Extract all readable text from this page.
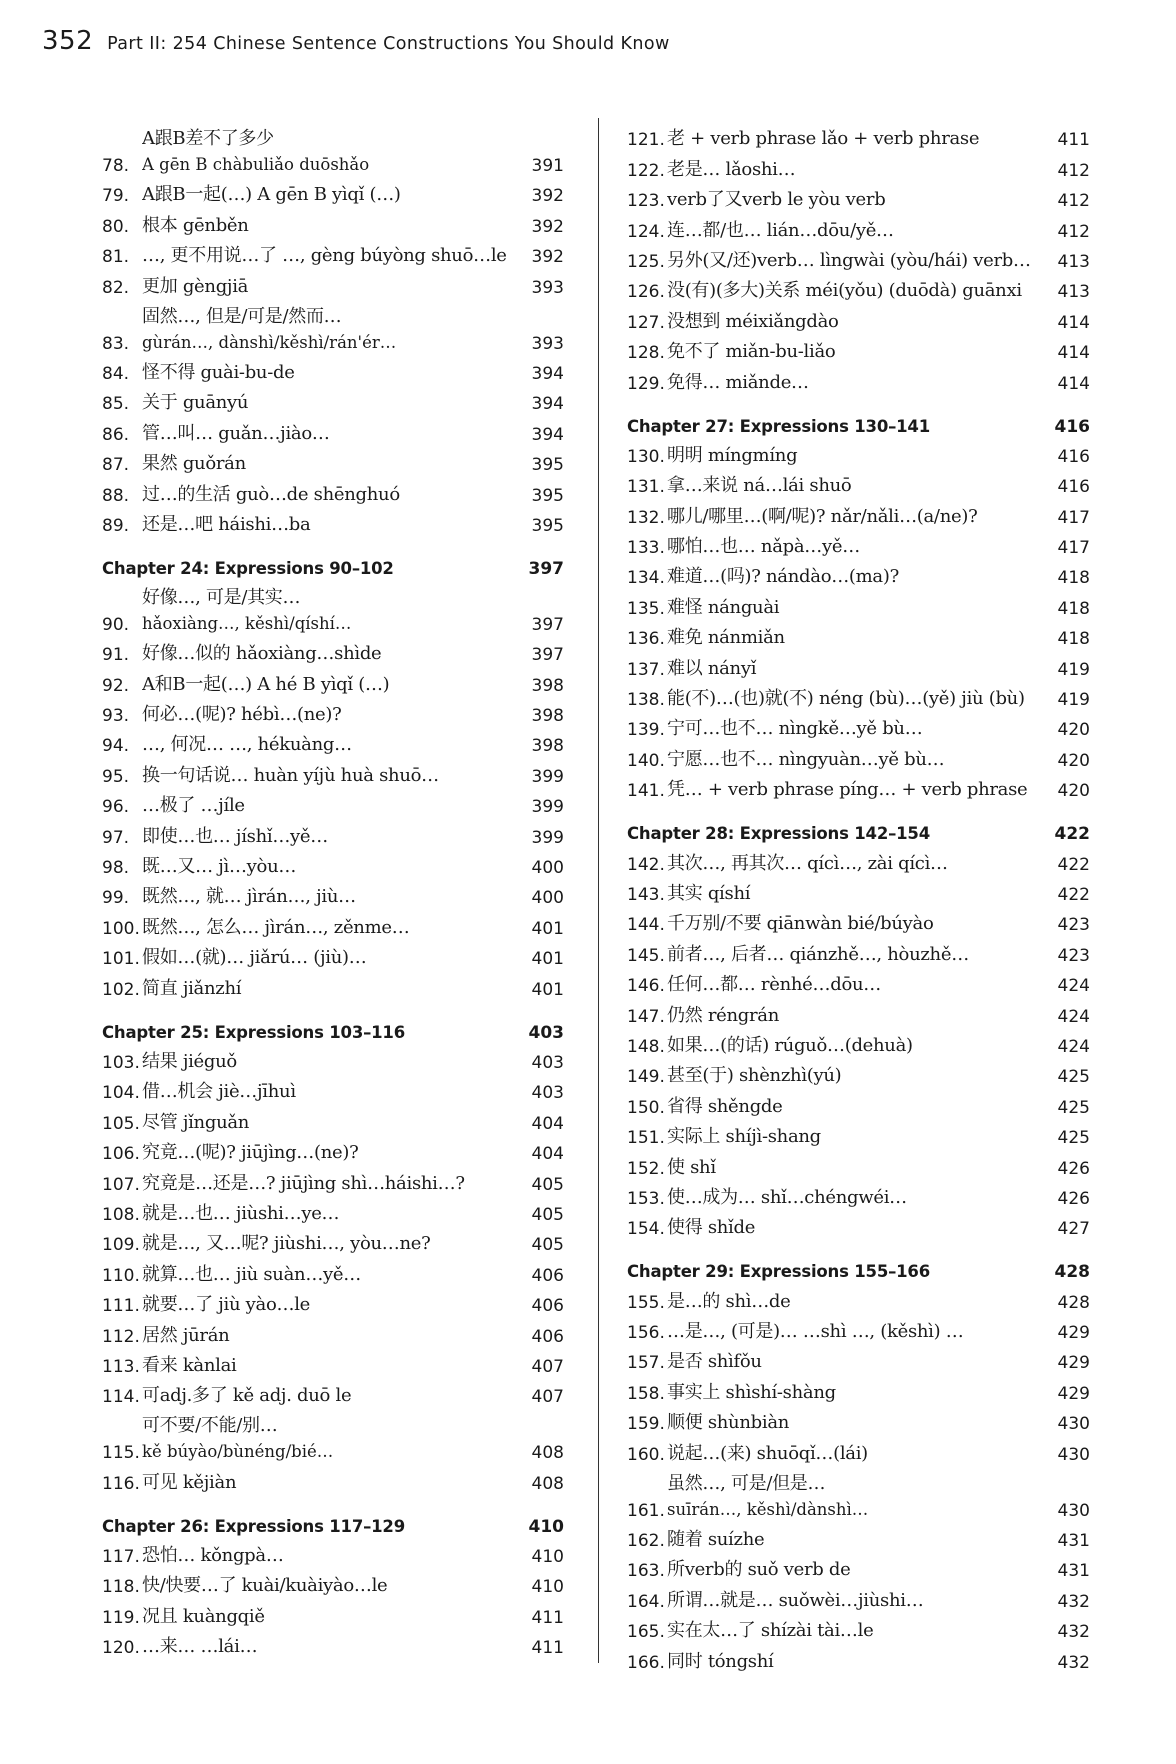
352 Part II: 254 Chinese Sentence Constructions You Should Know
78.
A跟B差不了多少
A gēn B chàbuliǎo duōshǎo	391
79. A跟B一起(…) A gēn B yìqǐ (…)	392
80. 根本 gēnběn	392
81. …, 更不用说…了 …, gèng búyòng shuō…le	392
82. 更加 gèngjiā	393
83.
固然…, 但是/可是/然而…
gùrán…, dànshì/kěshì/rán'ér…	393
84. 怪不得 guài-bu-de	394
85. 关于 guānyú	394
86. 管…叫… guǎn…jiào…	394
87. 果然 guǒrán	395
88. 过…的生活 guò…de shēnghuó	395
89. 还是…吧 háishi…ba	395
Chapter 24: Expressions 90–102	397
90.
好像…, 可是/其实…
hǎoxiàng…, kěshì/qíshí…	397
91. 好像…似的 hǎoxiàng…shìde	397
92. A和B一起(…) A hé B yìqǐ (…)	398
93. 何必…(呢)? hébì…(ne)?	398
94. …, 何况… …, hékuàng…	398
95. 换一句话说… huàn yíjù huà shuō…	399
96. …极了 …jíle	399
97. 即使…也… jíshǐ…yě…	399
98. 既…又… jì…yòu…	400
99. 既然…, 就… jìrán…, jiù…	400
100. 既然…, 怎么… jìrán…, zěnme…	401
101. 假如…(就)… jiǎrú… (jiù)…	401
102. 简直 jiǎnzhí	401
Chapter 25: Expressions 103–116	403
103. 结果 jiéguǒ	403
104. 借…机会 jiè…jīhuì	403
105. 尽管 jǐnguǎn	404
106. 究竟…(呢)? jiūjìng…(ne)?	404
107. 究竟是…还是…? jiūjìng shì…háishi…?	405
108. 就是…也… jiùshi…ye…	405
109. 就是…, 又…呢? jiùshi…, yòu…ne?	405
110. 就算…也… jiù suàn…yě…	406
111. 就要…了 jiù yào…le	406
112. 居然 jūrán	406
113. 看来 kànlai	407
114. 可adj.多了 kě adj. duō le	407
115.
可不要/不能/别…
kě búyào/bùnéng/bié…	408
116. 可见 kějiàn	408
Chapter 26: Expressions 117–129	410
117. 恐怕… kǒngpà…	410
118. 快/快要…了 kuài/kuàiyào…le	410
119. 况且 kuàngqiě	411
120. …来… …lái…	411
121. 老 + verb phrase lǎo + verb phrase	411
122. 老是… lǎoshi…	412
123. verb了又verb le yòu verb	412
124. 连…都/也… lián…dōu/yě…	412
125. 另外(又/还)verb… lìngwài (yòu/hái) verb…	413
126. 没(有)(多大)关系 méi(yǒu) (duōdà) guānxi	413
127. 没想到 méixiǎngdào	414
128. 免不了 miǎn-bu-liǎo	414
129. 免得… miǎnde…	414
Chapter 27: Expressions 130–141	416
130. 明明 míngmíng	416
131. 拿…来说 ná…lái shuō	416
132. 哪儿/哪里…(啊/呢)? nǎr/nǎli…(a/ne)?	417
133. 哪怕…也… nǎpà…yě…	417
134. 难道…(吗)? nándào…(ma)?	418
135. 难怪 nánguài	418
136. 难免 nánmiǎn	418
137. 难以 nányǐ	419
138. 能(不)…(也)就(不) néng (bù)…(yě) jiù (bù)	419
139. 宁可…也不… nìngkě…yě bù…	420
140. 宁愿…也不… nìngyuàn…yě bù…	420
141. 凭… + verb phrase píng… + verb phrase	420
Chapter 28: Expressions 142–154	422
142. 其次…, 再其次… qícì…, zài qícì…	422
143. 其实 qíshí	422
144. 千万别/不要 qiānwàn bié/búyào	423
145. 前者…, 后者… qiánzhě…, hòuzhě…	423
146. 任何…都… rènhé…dōu…	424
147. 仍然 réngrán	424
148. 如果…(的话) rúguǒ…(dehuà)	424
149. 甚至(于) shènzhì(yú)	425
150. 省得 shěngde	425
151. 实际上 shíjì-shang	425
152. 使 shǐ	426
153. 使…成为… shǐ…chéngwéi…	426
154. 使得 shǐde	427
Chapter 29: Expressions 155–166	428
155. 是…的 shì…de	428
156. …是…, (可是)… …shì …, (kěshì) …	429
157. 是否 shìfǒu	429
158. 事实上 shìshí-shàng	429
159. 顺便 shùnbiàn	430
160. 说起…(来) shuōqǐ…(lái)	430
161.
虽然…, 可是/但是…
suīrán…, kěshì/dànshì…	430
162. 随着 suízhe	431
163. 所verb的 suǒ verb de	431
164. 所谓…就是… suǒwèi…jiùshi…	432
165. 实在太…了 shízài tài…le	432
166. 同时 tóngshí	432
